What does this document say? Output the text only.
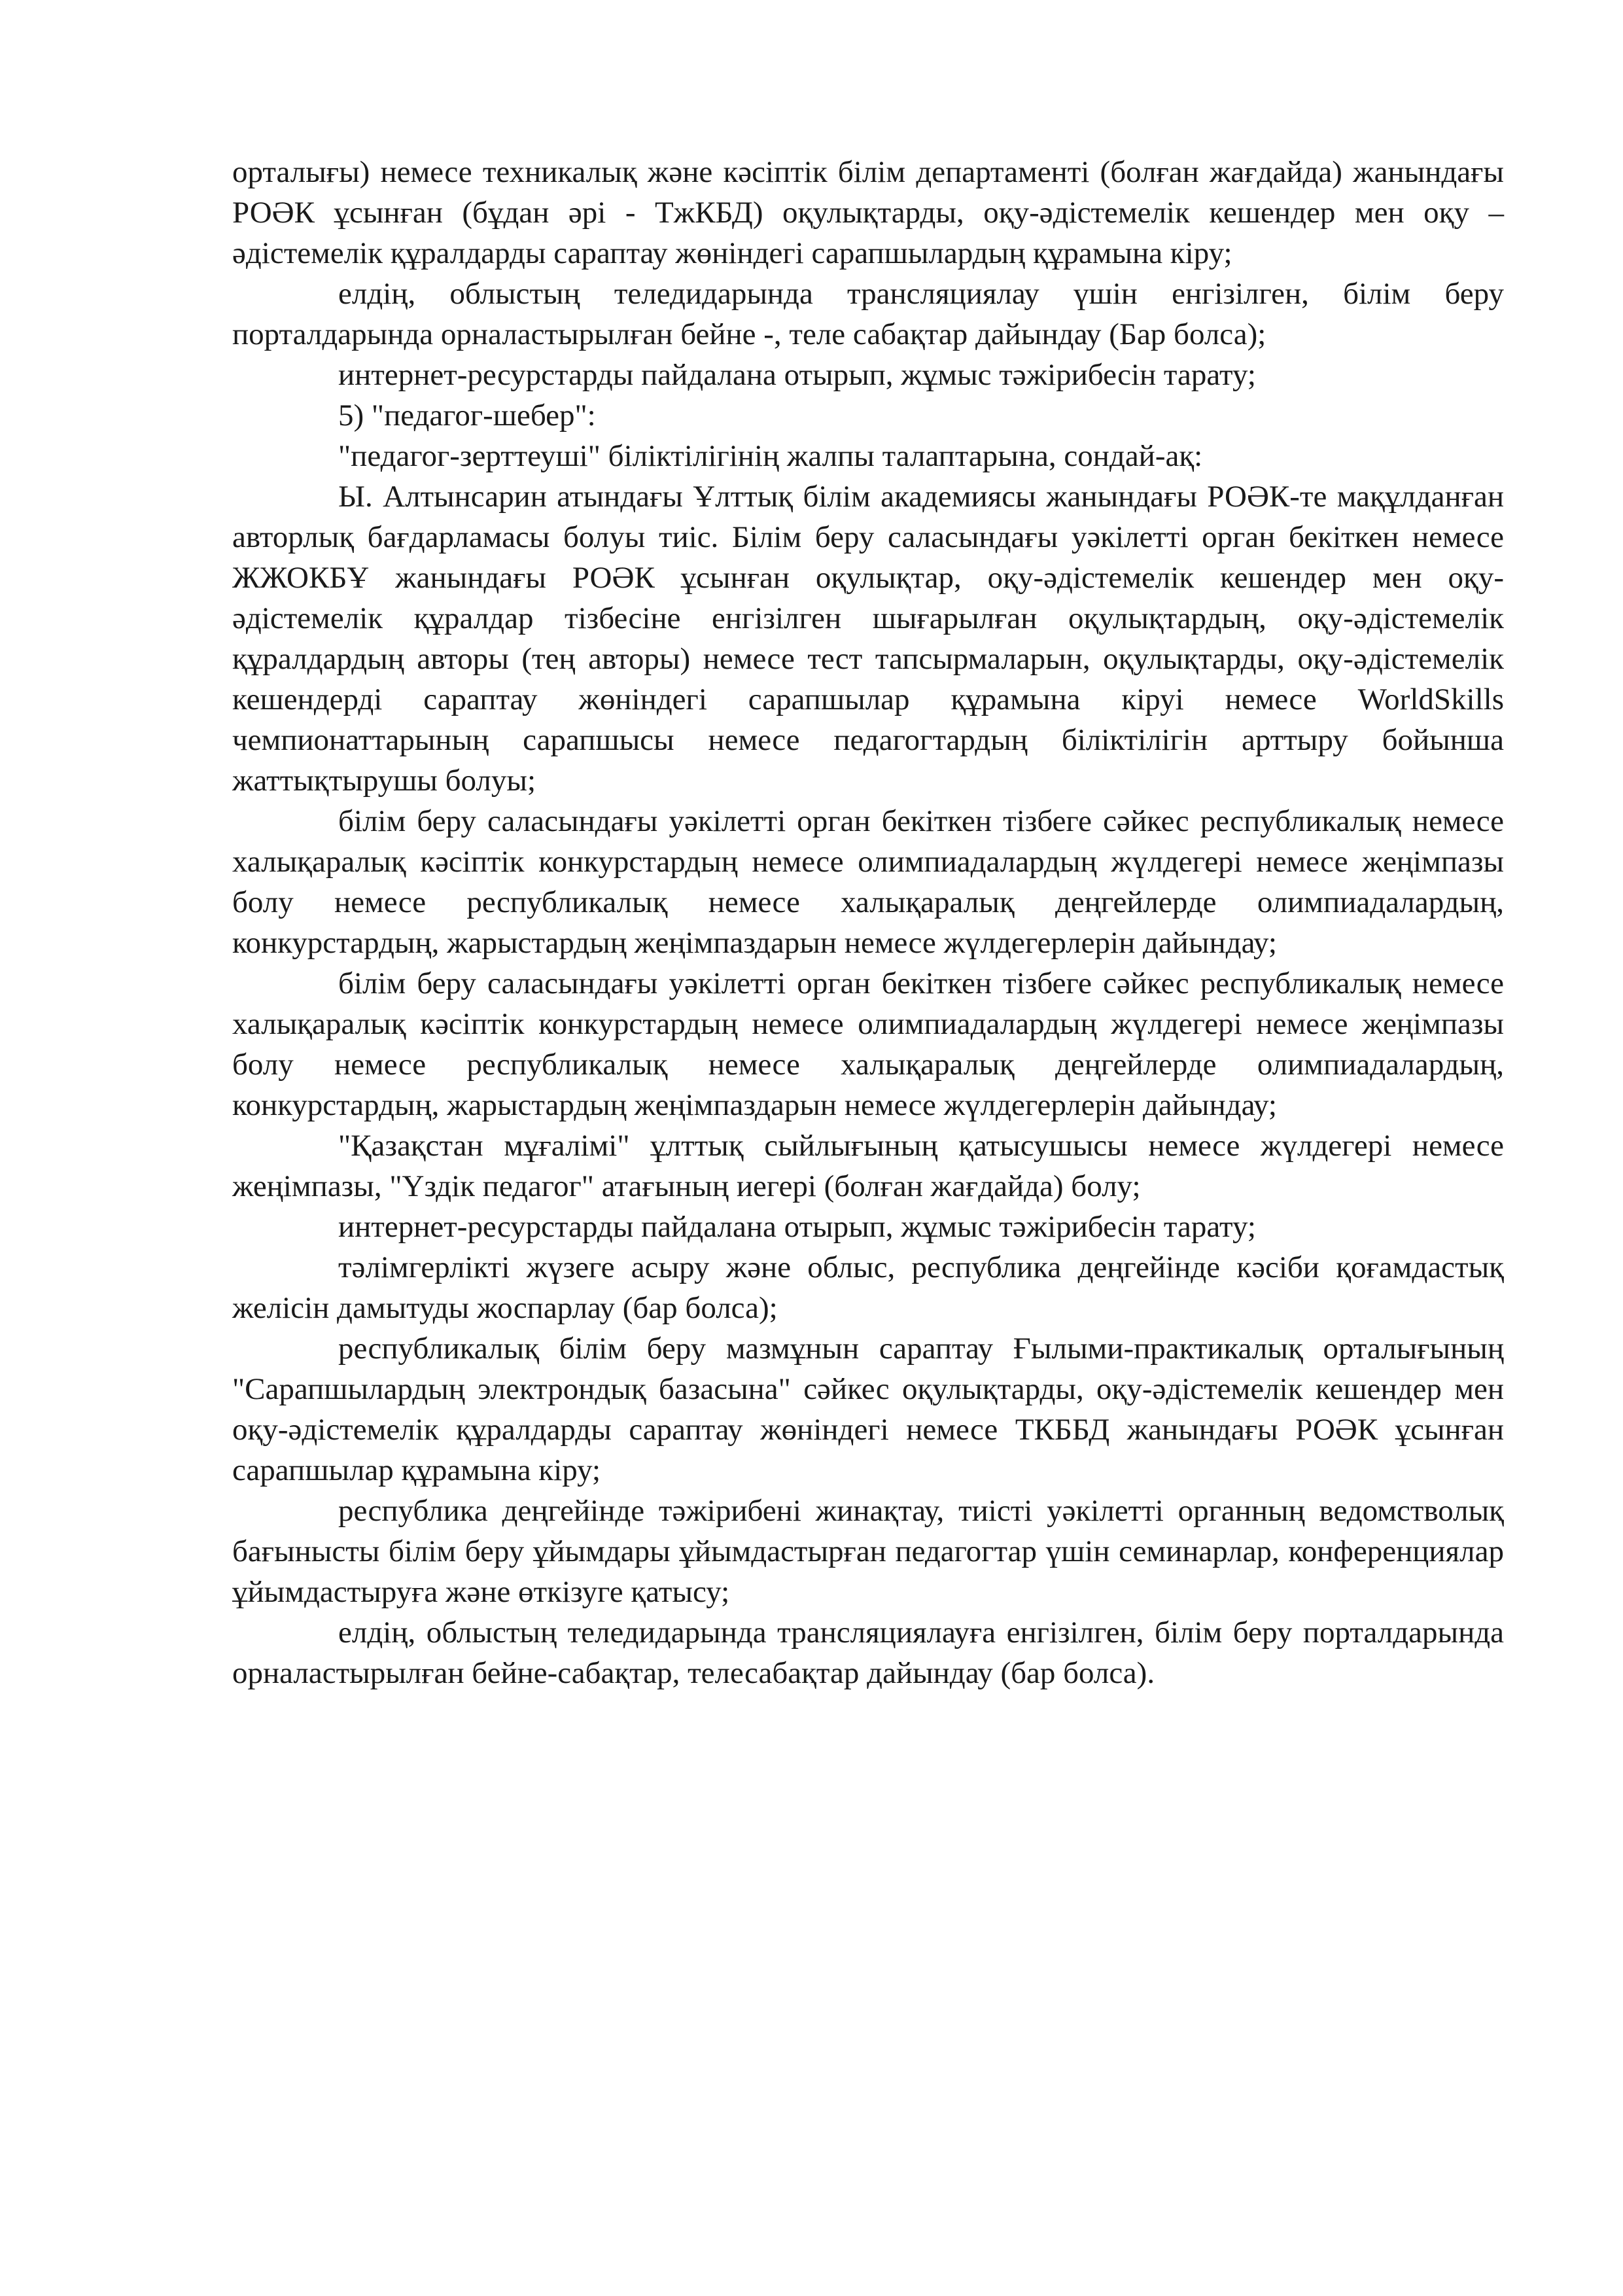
орталығы) немесе техникалық және кәсіптік білім департаменті (болған жағдайда) жанындағы РОӘК ұсынған (бұдан әрі - ТжКБД) оқулықтарды, оқу-әдістемелік кешендер мен оқу – әдістемелік құралдарды сараптау жөніндегі сарапшылардың құрамына кіру;

елдің, облыстың теледидарында трансляциялау үшін енгізілген, білім беру порталдарында орналастырылған бейне -, теле сабақтар дайындау (Бар болса);

интернет-ресурстарды пайдалана отырып, жұмыс тәжірибесін тарату;

5) "педагог-шебер":

"педагог-зерттеуші" біліктілігінің жалпы талаптарына, сондай-ақ:

Ы. Алтынсарин атындағы Ұлттық білім академиясы жанындағы РОӘК-те мақұлданған авторлық бағдарламасы болуы тиіс. Білім беру саласындағы уәкілетті орган бекіткен немесе ЖЖОКБҰ жанындағы РОӘК ұсынған оқулықтар, оқу-әдістемелік кешендер мен оқу-әдістемелік құралдар тізбесіне енгізілген шығарылған оқулықтардың, оқу-әдістемелік құралдардың авторы (тең авторы) немесе тест тапсырмаларын, оқулықтарды, оқу-әдістемелік кешендерді сараптау жөніндегі сарапшылар құрамына кіруі немесе WorldSkills чемпионаттарының сарапшысы немесе педагогтардың біліктілігін арттыру бойынша жаттықтырушы болуы;

білім беру саласындағы уәкілетті орган бекіткен тізбеге сәйкес республикалық немесе халықаралық кәсіптік конкурстардың немесе олимпиадалардың жүлдегері немесе жеңімпазы болу немесе республикалық немесе халықаралық деңгейлерде олимпиадалардың, конкурстардың, жарыстардың жеңімпаздарын немесе жүлдегерлерін дайындау;

білім беру саласындағы уәкілетті орган бекіткен тізбеге сәйкес республикалық немесе халықаралық кәсіптік конкурстардың немесе олимпиадалардың жүлдегері немесе жеңімпазы болу немесе республикалық немесе халықаралық деңгейлерде олимпиадалардың, конкурстардың, жарыстардың жеңімпаздарын немесе жүлдегерлерін дайындау;

"Қазақстан мұғалімі" ұлттық сыйлығының қатысушысы немесе жүлдегері немесе жеңімпазы, "Үздік педагог" атағының иегері (болған жағдайда) болу;

интернет-ресурстарды пайдалана отырып, жұмыс тәжірибесін тарату;

тәлімгерлікті жүзеге асыру және облыс, республика деңгейінде кәсіби қоғамдастық желісін дамытуды жоспарлау (бар болса);

республикалық білім беру мазмұнын сараптау Ғылыми-практикалық орталығының "Сарапшылардың электрондық базасына" сәйкес оқулықтарды, оқу-әдістемелік кешендер мен оқу-әдістемелік құралдарды сараптау жөніндегі немесе ТКББД жанындағы РОӘК ұсынған сарапшылар құрамына кіру;

республика деңгейінде тәжірибені жинақтау, тиісті уәкілетті органның ведомстволық бағынысты білім беру ұйымдары ұйымдастырған педагогтар үшін семинарлар, конференциялар ұйымдастыруға және өткізуге қатысу;

елдің, облыстың теледидарында трансляциялауға енгізілген, білім беру порталдарында орналастырылған бейне-сабақтар, телесабақтар дайындау (бар болса).
